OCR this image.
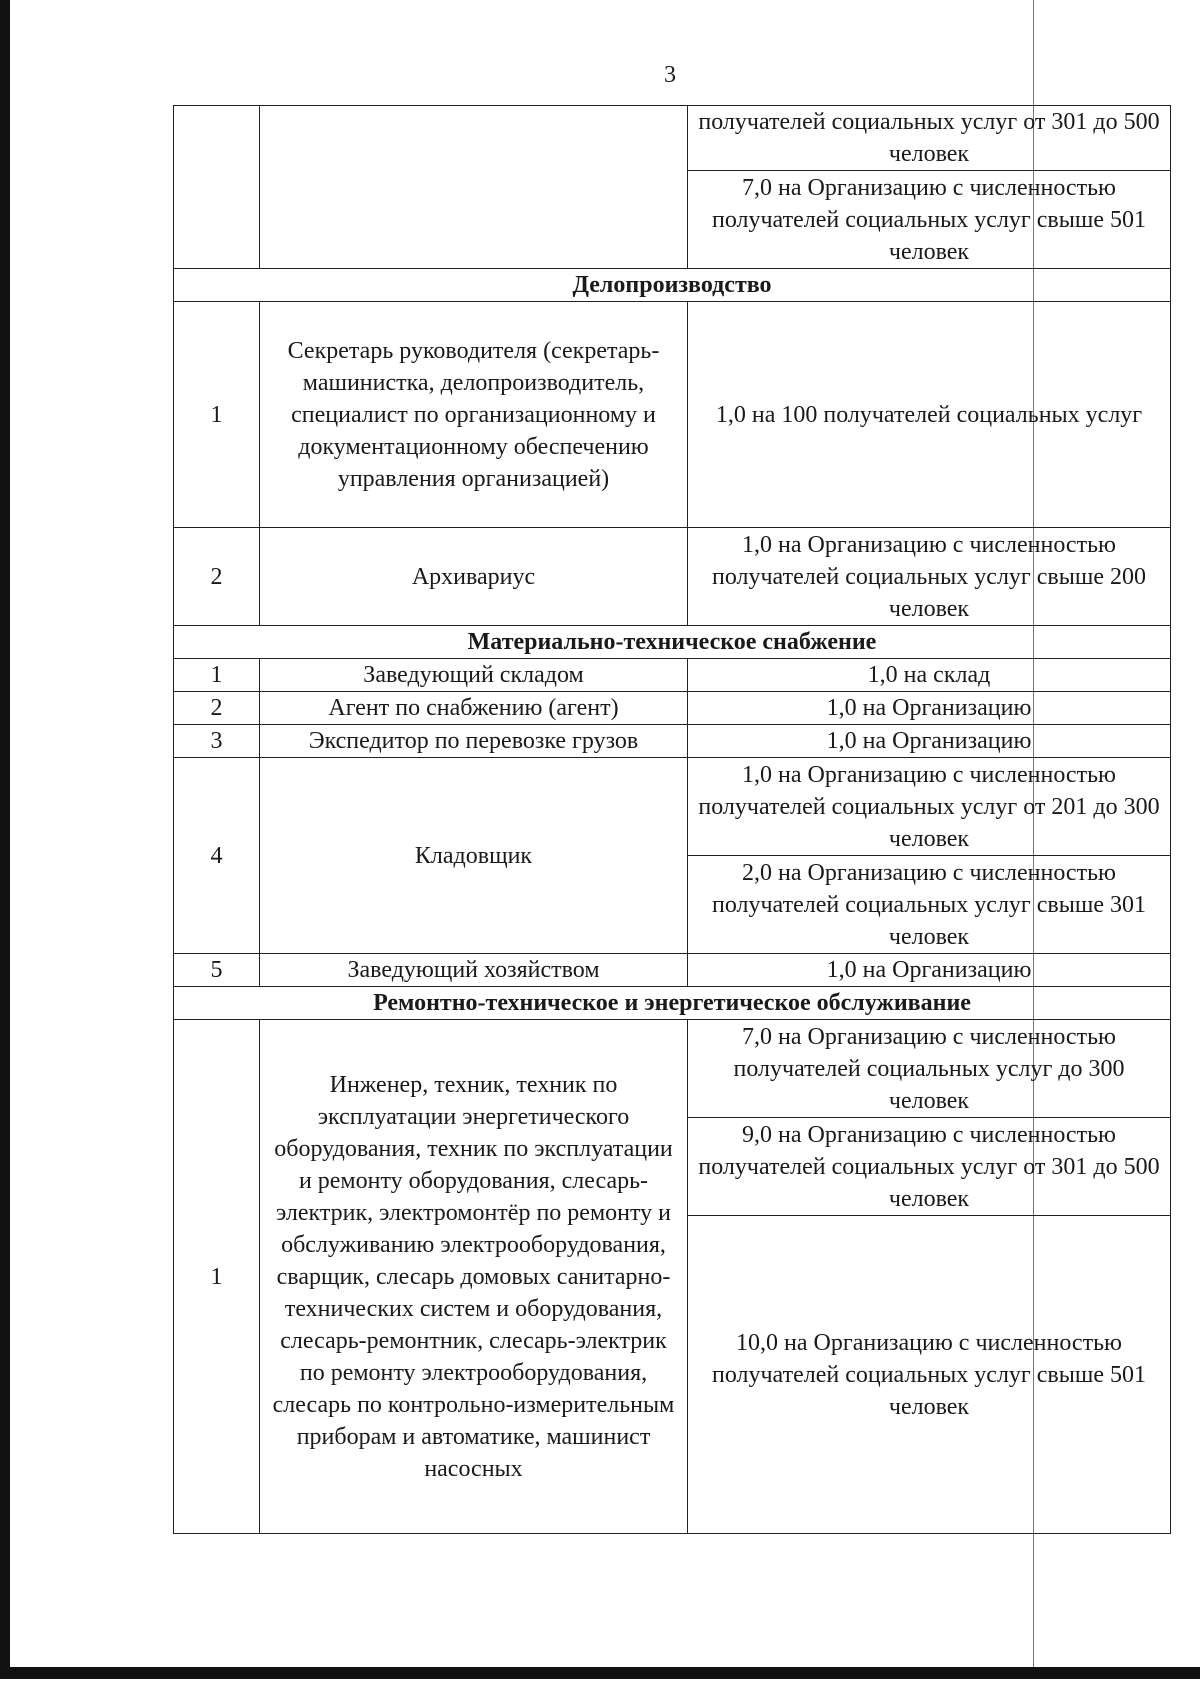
3
		получателей социальных услуг от 301 до 500 человек
		7,0 на Организацию с численностью получателей социальных услуг свыше 501 человек
Делопроизводство		
1	Секретарь руководителя (секретарь-машинистка, делопроизводитель, специалист по организационному и документационному обеспечению управления организацией)	1,0 на 100 получателей социальных услуг
2	Архивариус	1,0 на Организацию с численностью получателей социальных услуг свыше 200 человек
Материально-техническое снабжение		
1	Заведующий складом	1,0 на склад
2	Агент по снабжению (агент)	1,0 на Организацию
3	Экспедитор по перевозке грузов	1,0 на Организацию
4	Кладовщик	1,0 на Организацию с численностью получателей социальных услуг от 201 до 300 человек
		2,0 на Организацию с численностью получателей социальных услуг свыше 301 человек
5	Заведующий хозяйством	1,0 на Организацию
Ремонтно-техническое и энергетическое обслуживание		
1	Инженер, техник, техник по эксплуатации энергетического оборудования, техник по эксплуатации и ремонту оборудования, слесарь-электрик, электромонтёр по ремонту и обслуживанию электрооборудования, сварщик, слесарь домовых санитарно-технических систем и оборудования, слесарь-ремонтник, слесарь-электрик по ремонту электрооборудования, слесарь по контрольно-измерительным приборам и автоматике, машинист насосных	7,0 на Организацию с численностью получателей социальных услуг до 300 человек
		9,0 на Организацию с численностью получателей социальных услуг от 301 до 500 человек
		10,0 на Организацию с численностью получателей социальных услуг свыше 501 человек
